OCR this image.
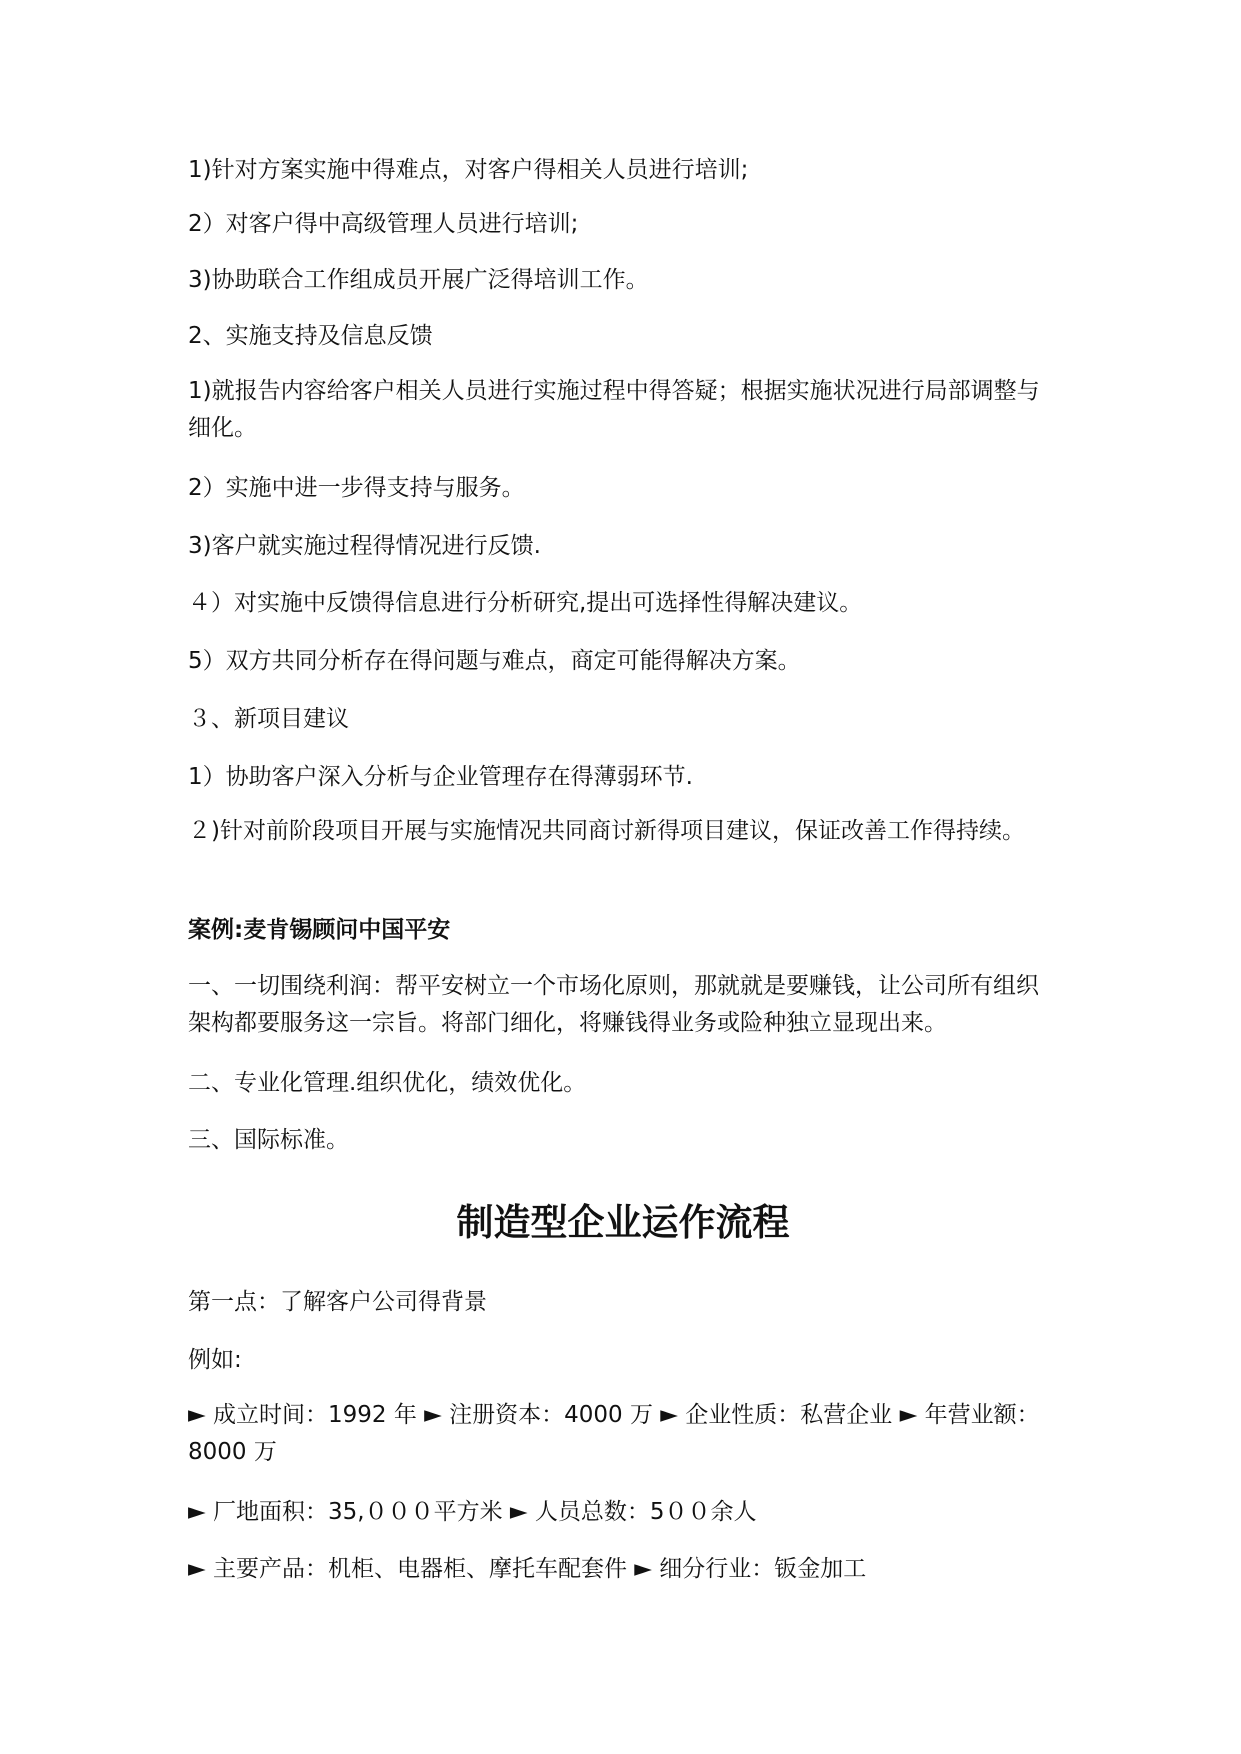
1)针对方案实施中得难点，对客户得相关人员进行培训;

2）对客户得中高级管理人员进行培训;

3)协助联合工作组成员开展广泛得培训工作。

2、实施支持及信息反馈

1)就报告内容给客户相关人员进行实施过程中得答疑；根据实施状况进行局部调整与细化。

2）实施中进一步得支持与服务。

3)客户就实施过程得情况进行反馈.

４）对实施中反馈得信息进行分析研究,提出可选择性得解决建议。

5）双方共同分析存在得问题与难点，商定可能得解决方案。

３、新项目建议

1）协助客户深入分析与企业管理存在得薄弱环节.

２)针对前阶段项目开展与实施情况共同商讨新得项目建议，保证改善工作得持续。

案例:麦肯锡顾问中国平安

一、一切围绕利润：帮平安树立一个市场化原则，那就就是要赚钱，让公司所有组织架构都要服务这一宗旨。将部门细化，将赚钱得业务或险种独立显现出来。

二、专业化管理.组织优化，绩效优化。

三、国际标准。

制造型企业运作流程

第一点：了解客户公司得背景

例如:

► 成立时间：1992 年 ► 注册资本：4000 万 ► 企业性质：私营企业 ► 年营业额：8000 万

► 厂地面积：35,０００平方米 ► 人员总数：5００余人

► 主要产品：机柜、电器柜、摩托车配套件 ► 细分行业：钣金加工
